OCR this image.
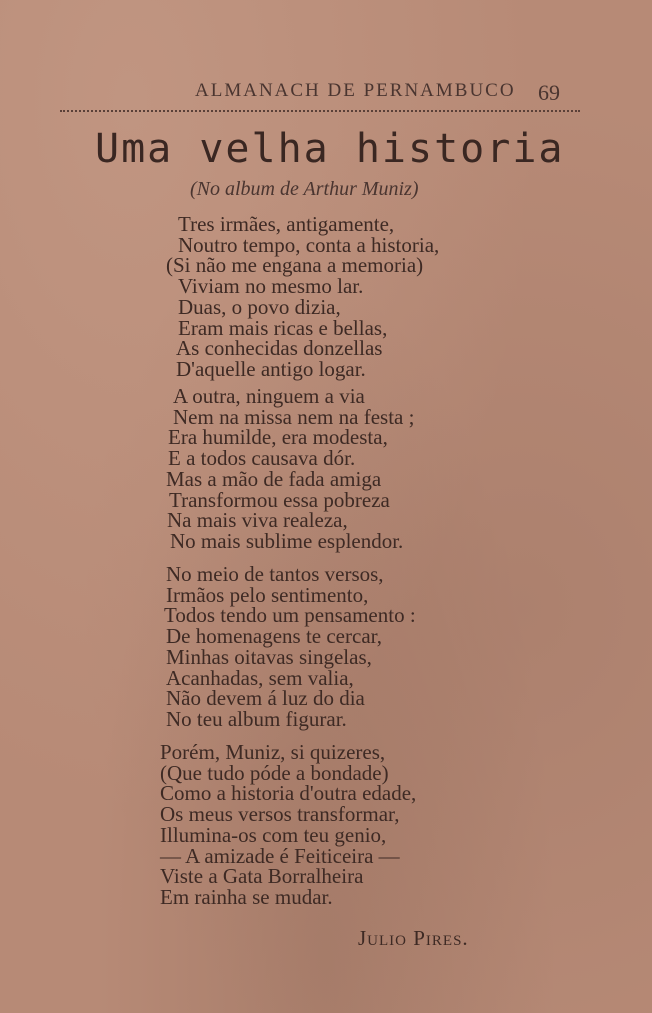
ALMANACH DE PERNAMBUCO 69
Uma velha historia
(No album de Arthur Muniz)
Tres irmães, antigamente,
Noutro tempo, conta a historia,
(Si não me engana a memoria)
Viviam no mesmo lar.
Duas, o povo dizia,
Eram mais ricas e bellas,
As conhecidas donzellas
D'aquelle antigo logar.
A outra, ninguem a via
Nem na missa nem na festa ;
Era humilde, era modesta,
E a todos causava dór.
Mas a mão de fada amiga
Transformou essa pobreza
Na mais viva realeza,
No mais sublime esplendor.
No meio de tantos versos,
Irmãos pelo sentimento,
Todos tendo um pensamento :
De homenagens te cercar,
Minhas oitavas singelas,
Acanhadas, sem valia,
Não devem á luz do dia
No teu album figurar.
Porém, Muniz, si quizeres,
(Que tudo póde a bondade)
Como a historia d'outra edade,
Os meus versos transformar,
Illumina-os com teu genio,
— A amizade é Feiticeira —
Viste a Gata Borralheira
Em rainha se mudar.
Julio Pires.
